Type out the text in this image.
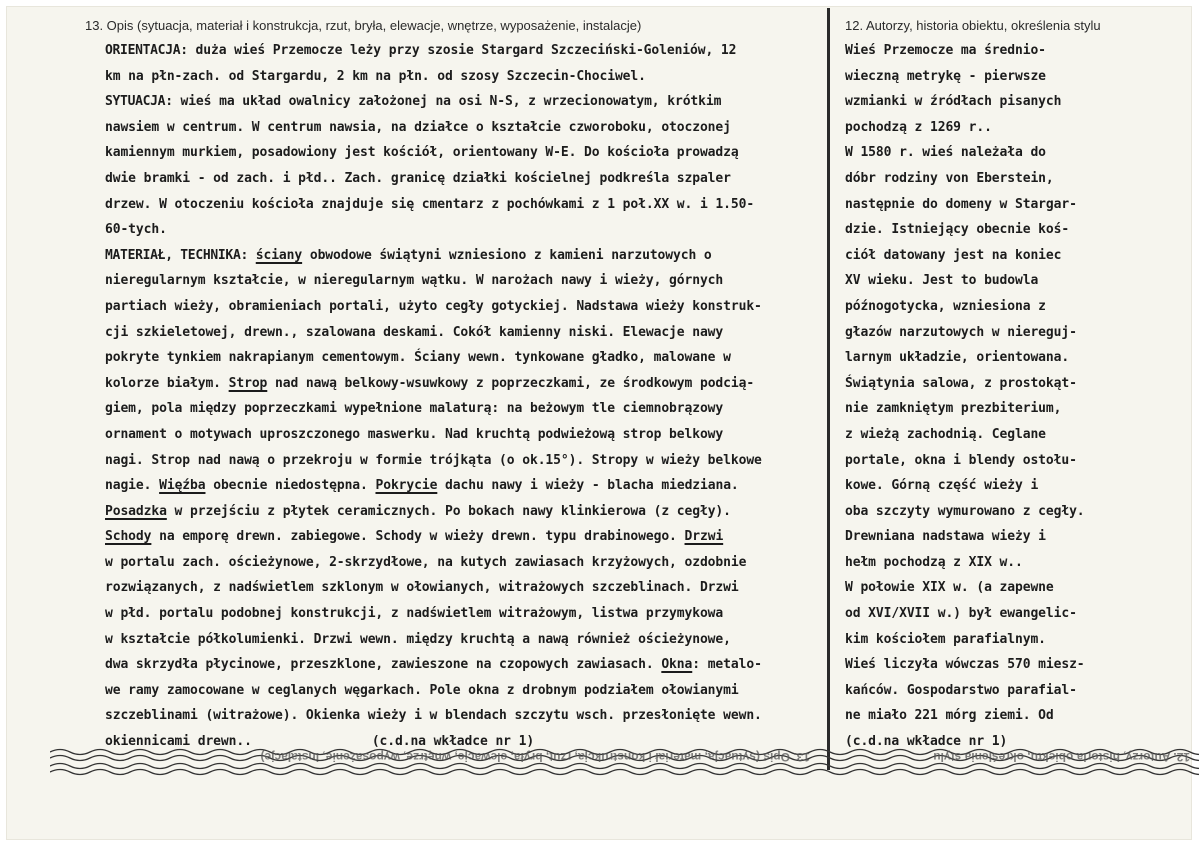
13. Opis (sytuacja, materiał i konstrukcja, rzut, bryła, elewacje, wnętrze, wyposażenie, instalacje)	12. Autorzy, historia obiektu, określenia stylu
ORIENTACJA: duża wieś Przemocze leży przy szosie Stargard Szczeciński-Goleniów, 12
km na płn-zach. od Stargardu, 2 km na płn. od szosy Szczecin-Chociwel.
SYTUACJA: wieś ma układ owalnicy założonej na osi N-S, z wrzecionowatym, krótkim
nawsiem w centrum. W centrum nawsia, na działce o kształcie czworoboku, otoczonej
kamiennym murkiem, posadowiony jest kościół, orientowany W-E. Do kościoła prowadzą
dwie bramki - od zach. i płd.. Zach. granicę działki kościelnej podkreśla szpaler
drzew. W otoczeniu kościoła znajduje się cmentarz z pochówkami z 1 poł.XX w. i 1.50-
60-tych.
MATERIAŁ, TECHNIKA: ściany obwodowe świątyni wzniesiono z kamieni narzutowych o
nieregularnym kształcie, w nieregularnym wątku. W narożach nawy i wieży, górnych
partiach wieży, obramieniach portali, użyto cegły gotyckiej. Nadstawa wieży konstruk-
cji szkieletowej, drewn., szalowana deskami. Cokół kamienny niski. Elewacje nawy
pokryte tynkiem nakrapianym cementowym. Ściany wewn. tynkowane gładko, malowane w
kolorze białym. Strop nad nawą belkowy-wsuwkowy z poprzeczkami, ze środkowym podcią-
giem, pola między poprzeczkami wypełnione malaturą: na beżowym tle ciemnobrązowy
ornament o motywach uproszczonego maswerku. Nad kruchtą podwieżową strop belkowy
nagi. Strop nad nawą o przekroju w formie trójkąta (o ok.15°). Stropy w wieży belkowe
nagie. Więźba obecnie niedostępna. Pokrycie dachu nawy i wieży - blacha miedziana.
Posadzka w przejściu z płytek ceramicznych. Po bokach nawy klinkierowa (z cegły).
Schody na emporę drewn. zabiegowe. Schody w wieży drewn. typu drabinowego. Drzwi
w portalu zach. ościeżynowe, 2-skrzydłowe, na kutych zawiasach krzyżowych, ozdobnie
rozwiązanych, z nadświetlem szklonym w ołowianych, witrażowych szczeblinach. Drzwi
w płd. portalu podobnej konstrukcji, z nadświetlem witrażowym, listwa przymykowa
w kształcie półkolumienki. Drzwi wewn. między kruchtą a nawą również ościeżynowe,
dwa skrzydła płycinowe, przeszklone, zawieszone na czopowych zawiasach. Okna: metalo-
we ramy zamocowane w ceglanych węgarkach. Pole okna z drobnym podziałem ołowianymi
szczeblinami (witrażowe). Okienka wieży i w blendach szczytu wsch. przesłonięte wewn.
okiennicami drewn..	(c.d.na wkładce nr 1)
Wieś Przemocze ma średnio-
wieczną metrykę - pierwsze
wzmianki w źródłach pisanych
pochodzą z 1269 r..
W 1580 r. wieś należała do
dóbr rodziny von Eberstein,
następnie do domeny w Stargar-
dzie. Istniejący obecnie koś-
ciół datowany jest na koniec
XV wieku. Jest to budowla
późnogotycka, wzniesiona z
głazów narzutowych w niereguj-
larnym układzie, orientowana.
Świątynia salowa, z prostokąt-
nie zamkniętym prezbiterium,
z wieżą zachodnią. Ceglane
portale, okna i blendy ostołu-
kowe. Górną część wieży i
oba szczyty wymurowano z cegły.
Drewniana nadstawa wieży i
hełm pochodzą z XIX w..
W połowie XIX w. (a zapewne
od XVI/XVII w.) był ewangelic-
kim kościołem parafialnym.
Wieś liczyła wówczas 570 miesz-
kańców. Gospodarstwo parafial-
ne miało 221 mórg ziemi. Od
(c.d.na wkładce nr 1)
13. Opis (sytuacja, materiał i konstrukcja, rzut, bryła, elewacje, wnętrze, wyposażenie, instalacje)	12. Autorzy, historia obiektu, określenia stylu
